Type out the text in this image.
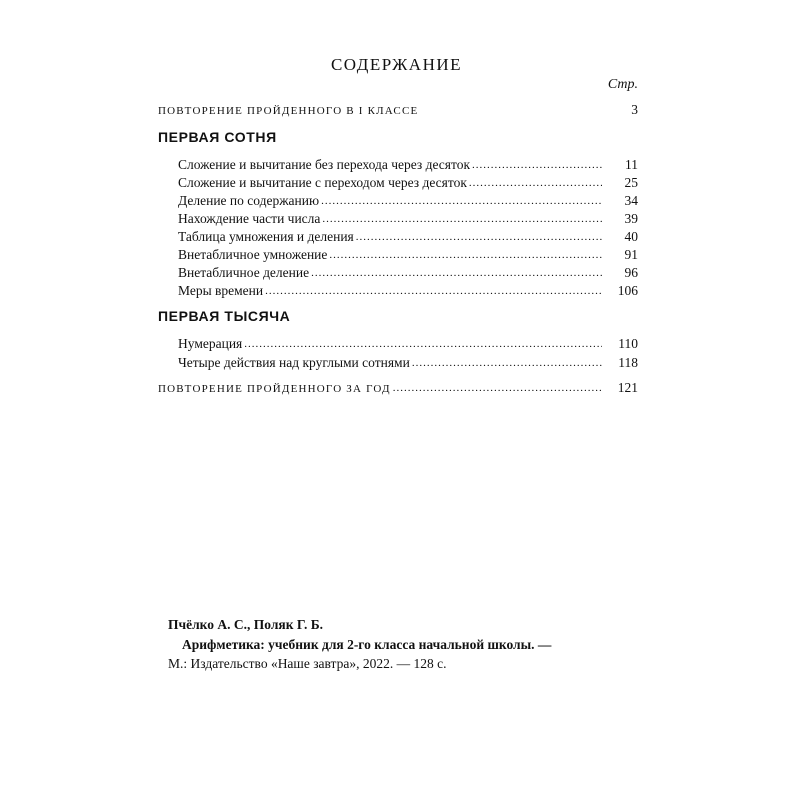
СОДЕРЖАНИЕ
Стр.
ПОВТОРЕНИЕ ПРОЙДЕННОГО В I КЛАССЕ	3
ПЕРВАЯ СОТНЯ
Сложение и вычитание без перехода через десяток .....	11
Сложение и вычитание с переходом через десяток .....	25
Деление по содержанию .....	34
Нахождение части числа .....	39
Таблица умножения и деления .....	40
Внетабличное умножение .....	91
Внетабличное деление .....	96
Меры времени .....	106
ПЕРВАЯ ТЫСЯЧА
Нумерация .....	110
Четыре действия над круглыми сотнями .....	118
ПОВТОРЕНИЕ ПРОЙДЕННОГО ЗА ГОД .....	121
Пчёлко А. С., Поляк Г. Б.
Арифметика: учебник для 2-го класса начальной школы. —
М.: Издательство «Наше завтра», 2022. — 128 с.
